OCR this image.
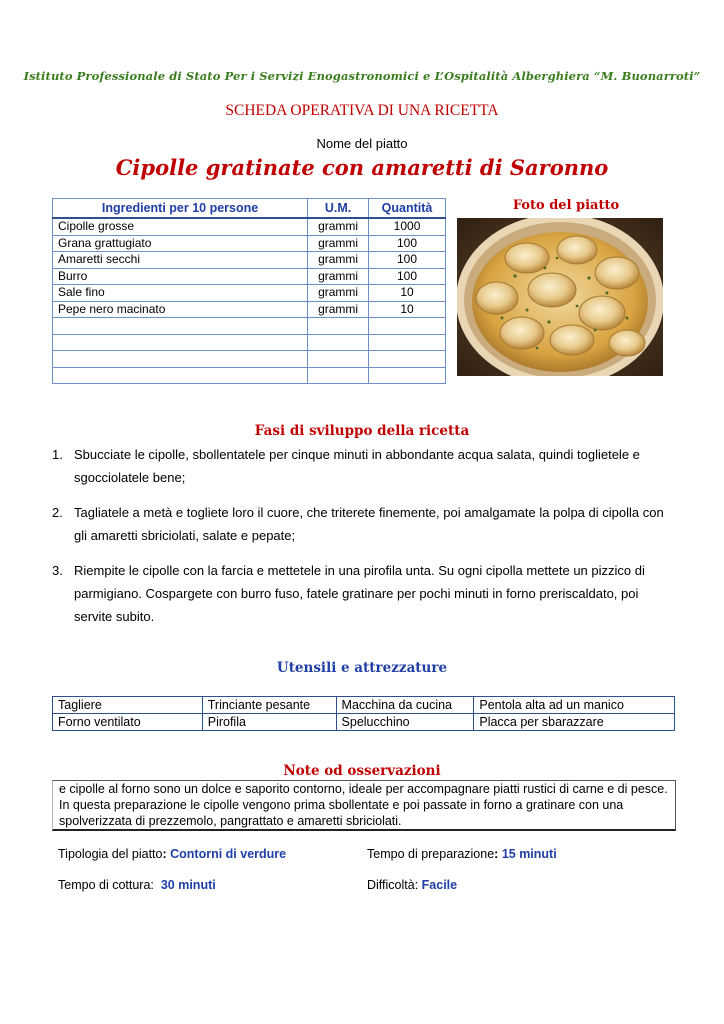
Istituto Professionale di Stato Per i Servizi Enogastronomici e L’Ospitalità Alberghiera “M. Buonarroti”
SCHEDA OPERATIVA DI UNA RICETTA
Nome del piatto
Cipolle gratinate con amaretti di Saronno
Ingredienti per 10 persone	U.M.	Quantità
Cipolle grosse	grammi	1000
Grana grattugiato	grammi	100
Amaretti secchi	grammi	100
Burro	grammi	100
Sale fino	grammi	10
Pepe nero macinato	grammi	10

Foto del piatto
Fasi di sviluppo della ricetta
1. Sbucciate le cipolle, sbollentatele per cinque minuti in abbondante acqua salata, quindi toglietele e sgocciolatele bene;
2. Tagliatele a metà e togliete loro il cuore, che triterete finemente, poi amalgamate la polpa di cipolla con gli amaretti sbriciolati, salate e pepate;
3. Riempite le cipolle con la farcia e mettetele in una pirofila unta. Su ogni cipolla mettete un pizzico di parmigiano. Cospargete con burro fuso, fatele gratinare per pochi minuti in forno preriscaldato, poi servite subito.
Utensili e attrezzature
Tagliere	Trinciante pesante	Macchina da cucina	Pentola alta ad un manico
Forno ventilato	Pirofila	Spelucchino	Placca per sbarazzare
Note od osservazioni
e cipolle al forno sono un dolce e saporito contorno, ideale per accompagnare piatti rustici di carne e di pesce. In questa preparazione le cipolle vengono prima sbollentate e poi passate in forno a gratinare con una spolverizzata di prezzemolo, pangrattato e amaretti sbriciolati.
Tipologia del piatto: Contorni di verdure	Tempo di preparazione: 15 minuti
Tempo di cottura: 30 minuti	Difficoltà: Facile
